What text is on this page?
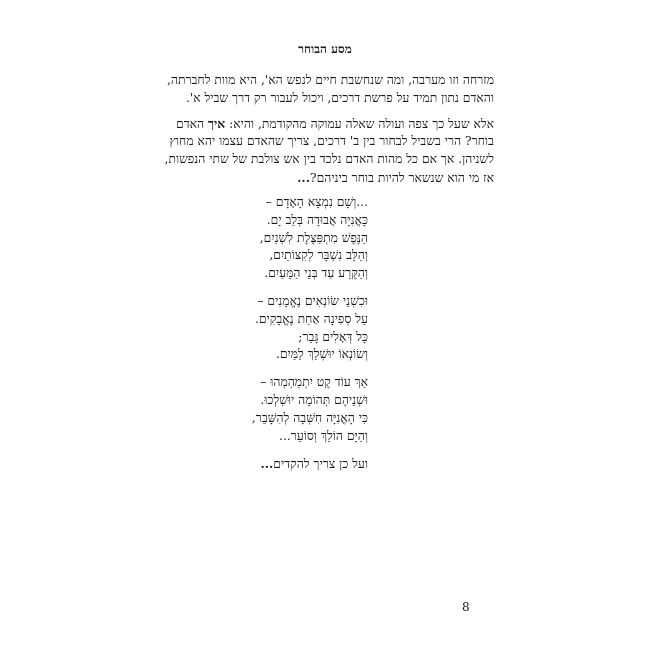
מסע הבוחר

מזרחה וזו מערבה, ומה שנחשבת חיים לנפש הא', היא מוות לחברתה, והאדם נתון תמיד על פרשת דרכים, ויכול לעבור רק דרך שביל א'.

אלא שעל כך צפה ועולה שאלה עמוקה מהקודמת, והיא: איך האדם בוחר? הרי בשביל לבחור בין ב' דרכים, צריך שהאדם עצמו יהא מחוץ לשניהן. אך אם כל מהות האדם נלכד בין אש צולבת של שתי הנפשות, אז מי הוא שנשאר להיות בוחר ביניהם?...

...וְשָׁם נִמְצָא הָאָדָם –
כָּאֳנִיָּה אֲבוּדָה בְּלֵב יָם.
הַנֶּפֶשׁ מִתְפַּצֶּלֶת לִשְׁנַיִם,
וְהַלֵּב נִשְׁבָּר לְקִצּוֹתַיִם,
וְהַקֶּרַע עַד בְּנֵי הַמֵּעַיִם.
וּכִשְׁנֵי שׂוֹנְאִים נֶאֱמָנִים –
עַל סְפִינָה אַחַת נֶאֱבָקִים.
כָּל דְּאָלִים גָּבַר;
וְשׂוֹנְאוֹ יוּשְׁלַךְ לַמַּיִם.
אַךְ עוֹד קֶט יִתְמַהְמְהוּ –
וּשְׁנֵיהֶם תְּהוֹמָה יוּשְׁלְכוּ.
כִּי הָאֳנִיָּה חִשְּׁבָה לְהִשָּׁבֵר,
וְהַיָּם הוֹלֵךְ וְסוֹעֵר...
ועל כן צריך להקדים...
8
